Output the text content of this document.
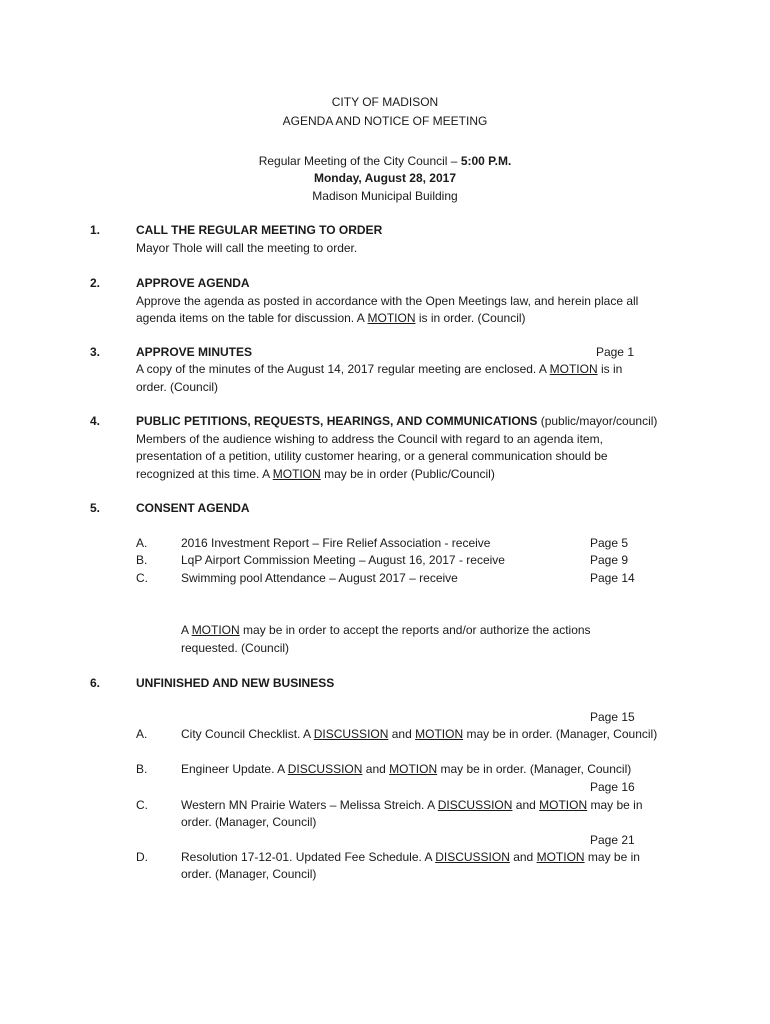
CITY OF MADISON
AGENDA AND NOTICE OF MEETING
Regular Meeting of the City Council – 5:00 P.M.
Monday, August 28, 2017
Madison Municipal Building
1.	CALL THE REGULAR MEETING TO ORDER
Mayor Thole will call the meeting to order.
2.	APPROVE AGENDA
Approve the agenda as posted in accordance with the Open Meetings law, and herein place all
agenda items on the table for discussion. A MOTION is in order. (Council)
3.	APPROVE MINUTES	Page 1
A copy of the minutes of the August 14, 2017 regular meeting are enclosed. A MOTION is in
order. (Council)
4.	PUBLIC PETITIONS, REQUESTS, HEARINGS, AND COMMUNICATIONS (public/mayor/council)
Members of the audience wishing to address the Council with regard to an agenda item,
presentation of a petition, utility customer hearing, or a general communication should be
recognized at this time. A MOTION may be in order (Public/Council)
5.	CONSENT AGENDA
A.	2016 Investment Report – Fire Relief Association - receive	Page 5
B.	LqP Airport Commission Meeting – August 16, 2017 - receive	Page 9
C.	Swimming pool Attendance – August 2017 – receive	Page 14
A MOTION may be in order to accept the reports and/or authorize the actions
requested. (Council)
6.	UNFINISHED AND NEW BUSINESS
Page 15
A.	City Council Checklist. A DISCUSSION and MOTION may be in order. (Manager, Council)
B.	Engineer Update. A DISCUSSION and MOTION may be in order. (Manager, Council)
Page 16
C.	Western MN Prairie Waters – Melissa Streich. A DISCUSSION and MOTION may be in
order. (Manager, Council)
Page 21
D.	Resolution 17-12-01. Updated Fee Schedule. A DISCUSSION and MOTION may be in
order. (Manager, Council)
